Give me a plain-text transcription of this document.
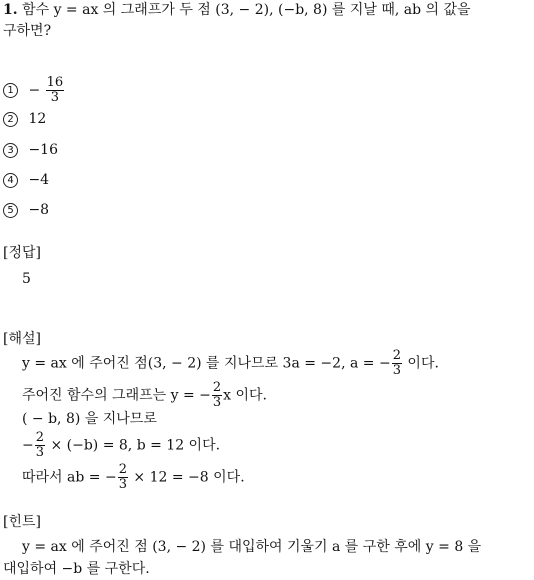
1. 함수 y = ax 의 그래프가 두 점 (3, − 2), (−b, 8) 를 지날 때, ab 의 값을
구하면?
$1 - \frac{16}{3}$
2 12
3 −16
4 −4
5 −8
[정답]
5
[해설]
y = ax 에 주어진 점(3, − 2) 를 지나므로 3a = −2, a = − $\frac{2}{3}$ 이다.
주어진 함수의 그래프는 y = − $\frac{2}{3}$ x 이다.
( − b, 8) 을 지나므로
− $\frac{2}{3} \times (-b) = 8$, b = 12 이다.
따라서 ab = − $\frac{2}{3} \times 12 = -8$ 이다.
[힌트]
y = ax 에 주어진 점 (3, − 2) 를 대입하여 기울기 a 를 구한 후에 y = 8 을
대입하여 −b 를 구한다.
